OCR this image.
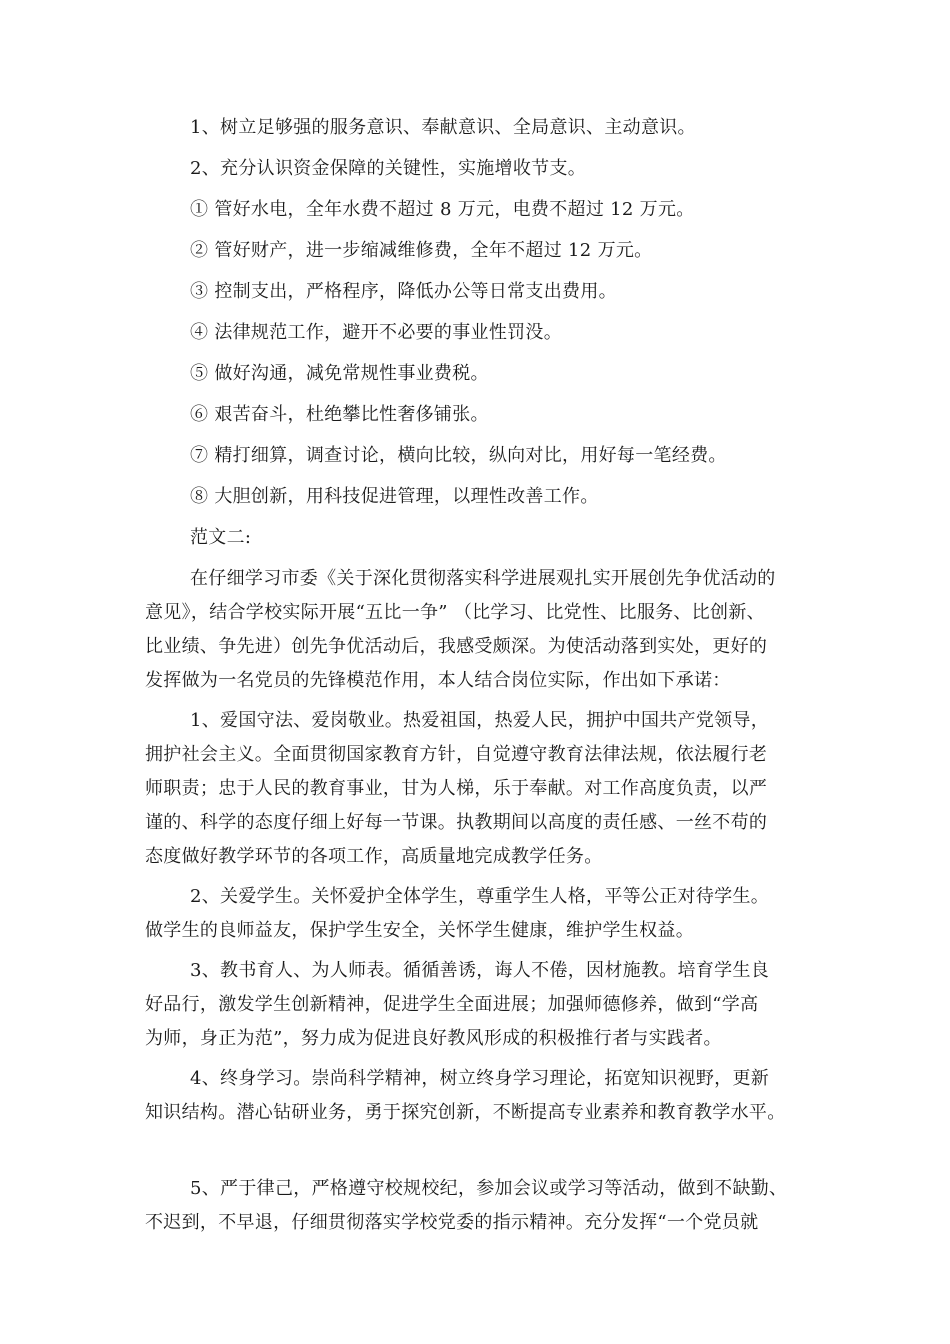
1、树立足够强的服务意识、奉献意识、全局意识、主动意识。
2、充分认识资金保障的关键性，实施增收节支。
① 管好水电，全年水费不超过 8 万元，电费不超过 12 万元。
② 管好财产，进一步缩减维修费，全年不超过 12 万元。
③ 控制支出，严格程序，降低办公等日常支出费用。
④ 法律规范工作，避开不必要的事业性罚没。
⑤ 做好沟通，减免常规性事业费税。
⑥ 艰苦奋斗，杜绝攀比性奢侈铺张。
⑦ 精打细算，调查讨论，横向比较，纵向对比，用好每一笔经费。
⑧ 大胆创新，用科技促进管理，以理性改善工作。
范文二:
在仔细学习市委《关于深化贯彻落实科学进展观扎实开展创先争优活动的
意见》，结合学校实际开展“五比一争” （比学习、比党性、比服务、比创新、
比业绩、争先进）创先争优活动后，我感受颇深。为使活动落到实处，更好的
发挥做为一名党员的先锋模范作用，本人结合岗位实际，作出如下承诺：
1、爱国守法、爱岗敬业。热爱祖国，热爱人民，拥护中国共产党领导，
拥护社会主义。全面贯彻国家教育方针，自觉遵守教育法律法规，依法履行老
师职责；忠于人民的教育事业，甘为人梯，乐于奉献。对工作高度负责，以严
谨的、科学的态度仔细上好每一节课。执教期间以高度的责任感、一丝不苟的
态度做好教学环节的各项工作，高质量地完成教学任务。
2、关爱学生。关怀爱护全体学生，尊重学生人格，平等公正对待学生。
做学生的良师益友，保护学生安全，关怀学生健康，维护学生权益。
3、教书育人、为人师表。循循善诱，诲人不倦，因材施教。培育学生良
好品行，激发学生创新精神，促进学生全面进展；加强师德修养，做到“学高
为师，身正为范”，努力成为促进良好教风形成的积极推行者与实践者。
4、终身学习。崇尚科学精神，树立终身学习理论，拓宽知识视野，更新
知识结构。潜心钻研业务，勇于探究创新，不断提高专业素养和教育教学水平。
5、严于律己，严格遵守校规校纪，参加会议或学习等活动，做到不缺勤、
不迟到，不早退，仔细贯彻落实学校党委的指示精神。充分发挥“一个党员就
